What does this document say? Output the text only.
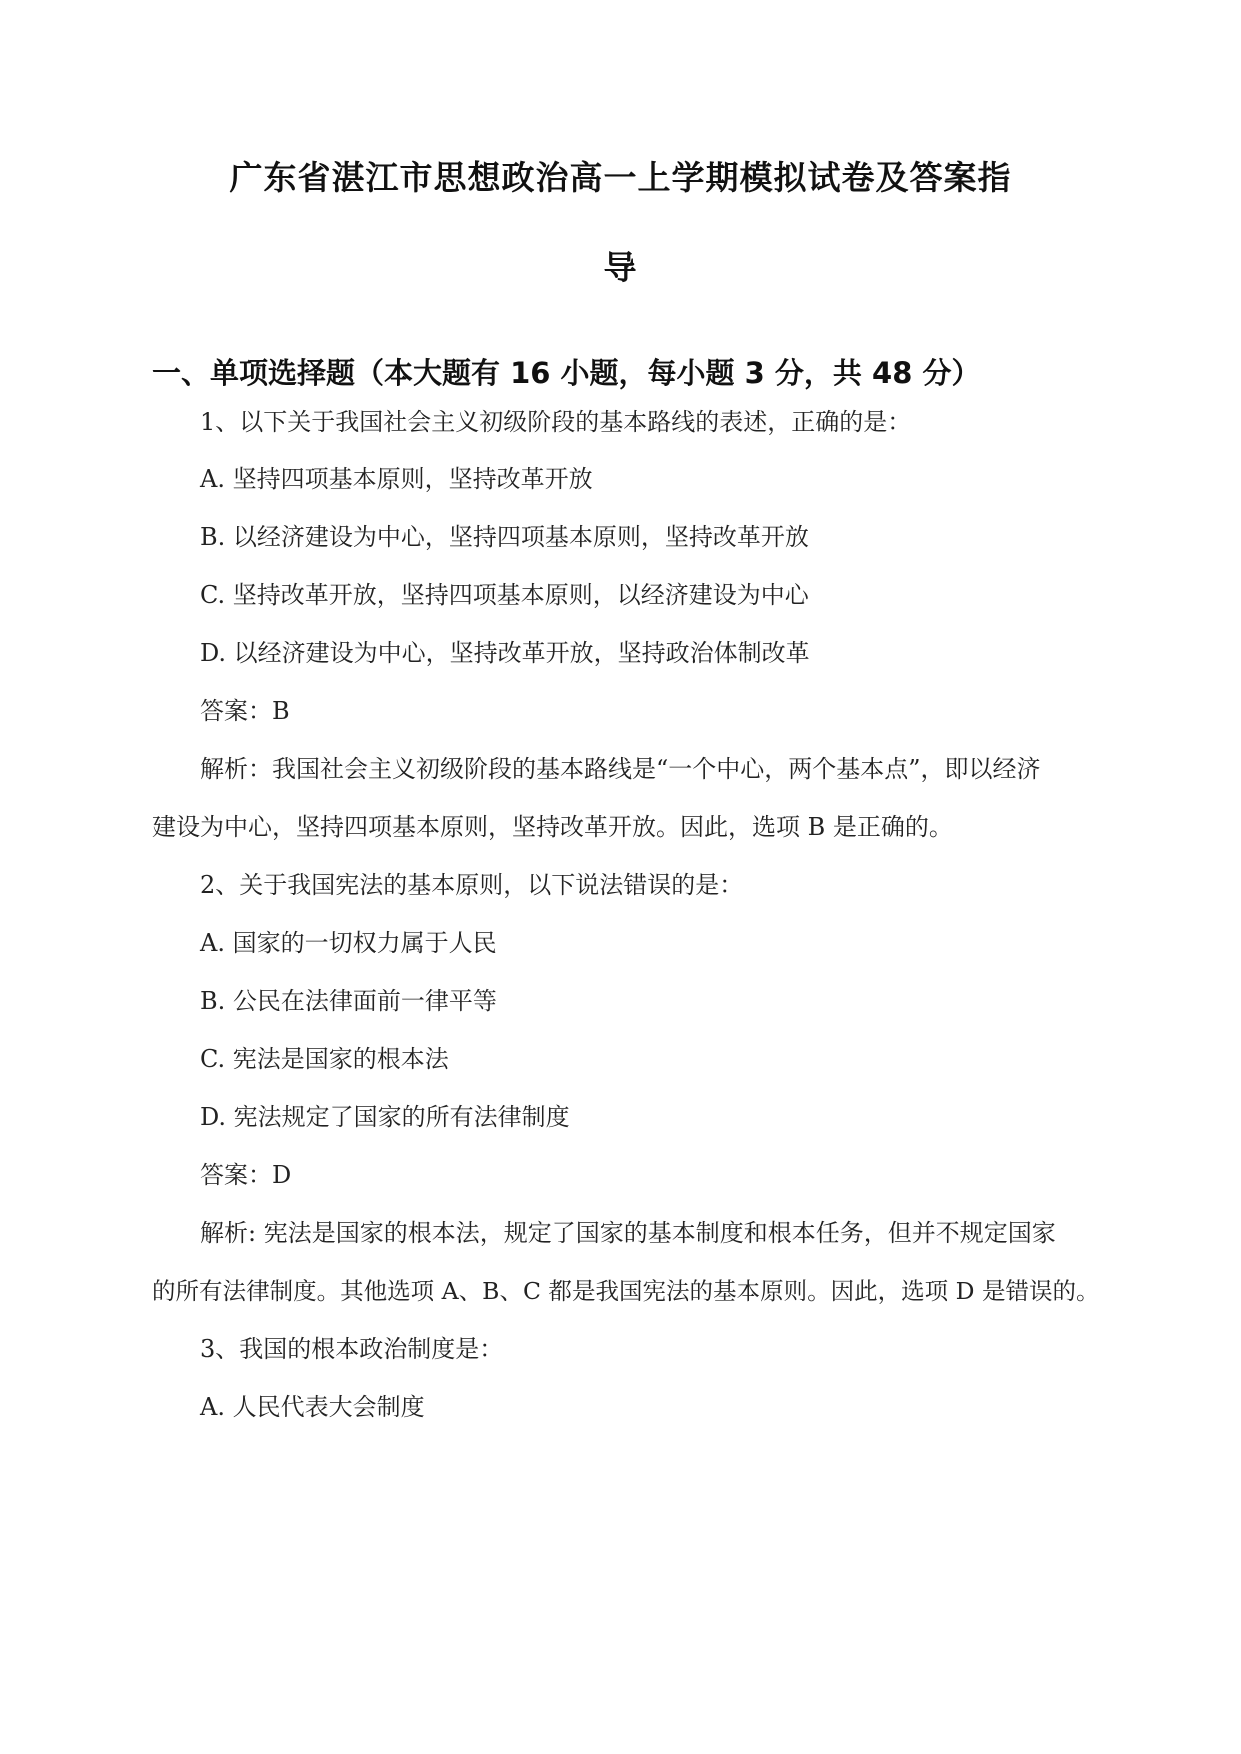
广东省湛江市思想政治高一上学期模拟试卷及答案指
导
一、单项选择题（本大题有 16 小题，每小题 3 分，共 48 分）
1、以下关于我国社会主义初级阶段的基本路线的表述，正确的是：
A. 坚持四项基本原则，坚持改革开放
B. 以经济建设为中心，坚持四项基本原则，坚持改革开放
C. 坚持改革开放，坚持四项基本原则，以经济建设为中心
D. 以经济建设为中心，坚持改革开放，坚持政治体制改革
答案：B
解析：我国社会主义初级阶段的基本路线是“一个中心，两个基本点”，即以经济
建设为中心，坚持四项基本原则，坚持改革开放。因此，选项 B 是正确的。
2、关于我国宪法的基本原则，以下说法错误的是：
A. 国家的一切权力属于人民
B. 公民在法律面前一律平等
C. 宪法是国家的根本法
D. 宪法规定了国家的所有法律制度
答案：D
解析: 宪法是国家的根本法，规定了国家的基本制度和根本任务，但并不规定国家
的所有法律制度。其他选项 A、B、C 都是我国宪法的基本原则。因此，选项 D 是错误的。
3、我国的根本政治制度是：
A. 人民代表大会制度
